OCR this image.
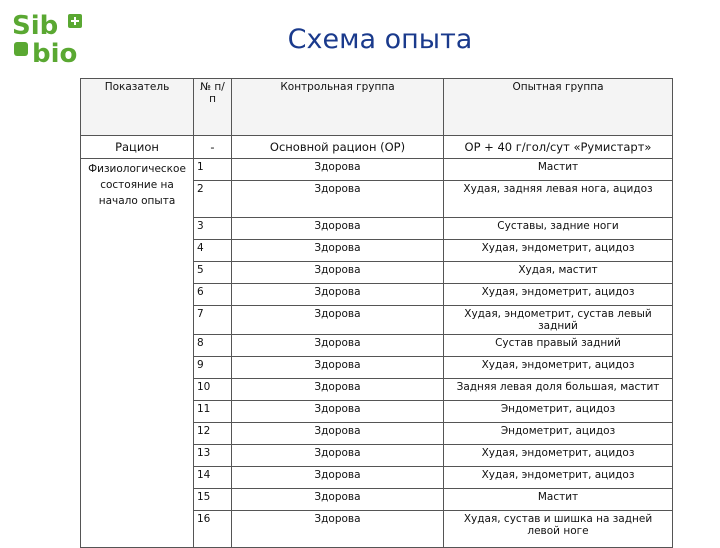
Sib
bio	Схема опыта
Показатель	№ п/п	Контрольная группа	Опытная группа
Рацион	-	Основной рацион (ОР)	ОР + 40 г/гол/сут «Румистарт»
Физиологическое состояние на начало опыта	1	Здорова	Мастит
	2	Здорова	Худая, задняя левая нога, ацидоз
	3	Здорова	Суставы, задние ноги
	4	Здорова	Худая, эндометрит, ацидоз
	5	Здорова	Худая, мастит
	6	Здорова	Худая, эндометрит, ацидоз
	7	Здорова	Худая, эндометрит, сустав левый задний
	8	Здорова	Сустав правый задний
	9	Здорова	Худая, эндометрит, ацидоз
	10	Здорова	Задняя левая доля большая, мастит
	11	Здорова	Эндометрит, ацидоз
	12	Здорова	Эндометрит, ацидоз
	13	Здорова	Худая, эндометрит, ацидоз
	14	Здорова	Худая, эндометрит, ацидоз
	15	Здорова	Мастит
	16	Здорова	Худая, сустав и шишка на задней левой ноге
